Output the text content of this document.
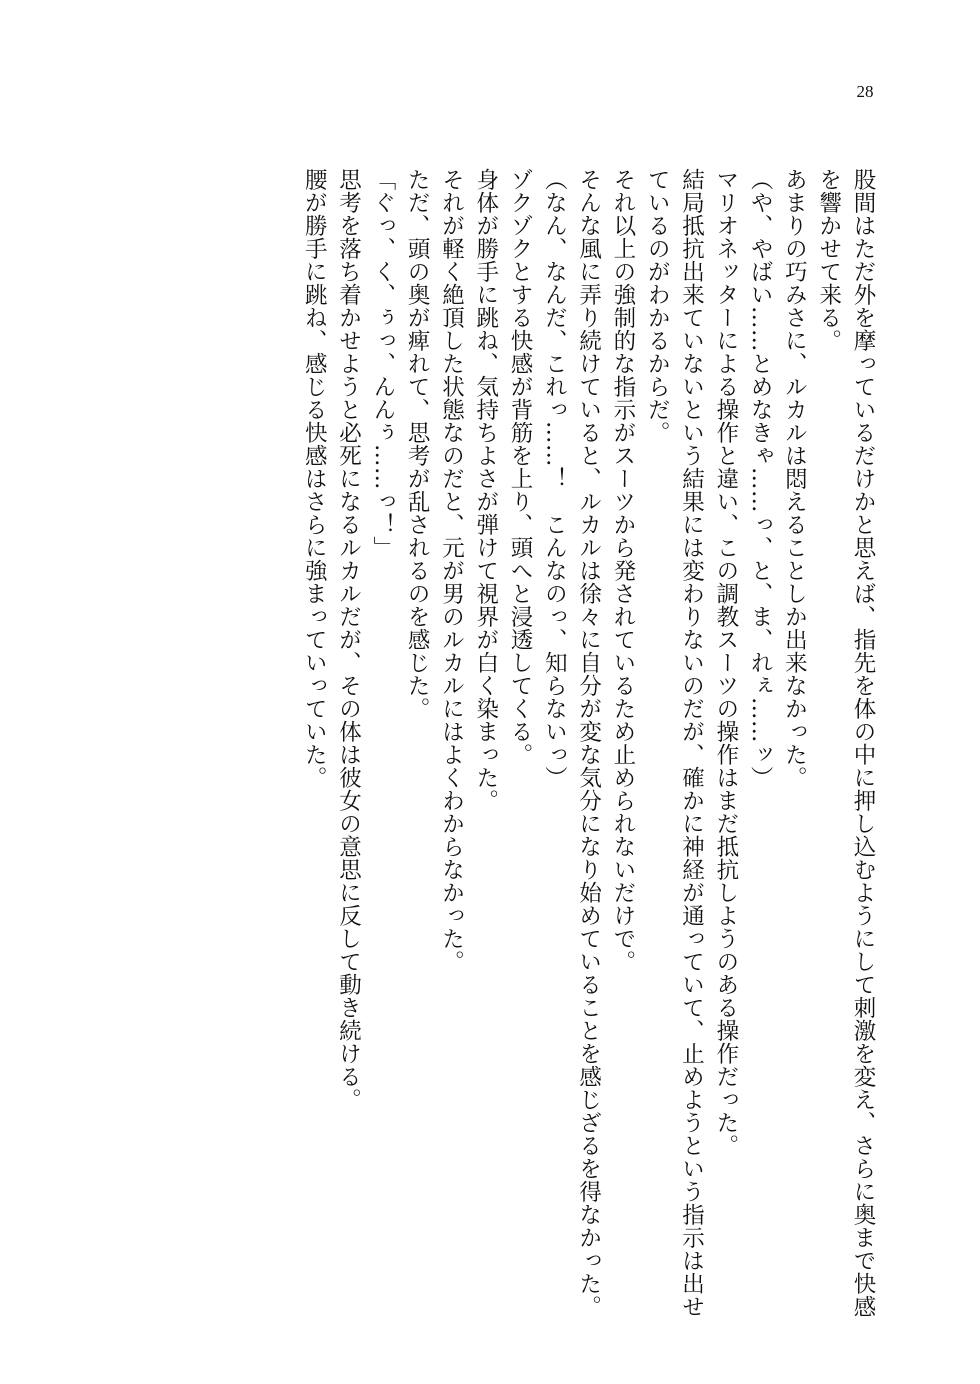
28

股間はただ外を摩っているだけかと思えば、指先を体の中に押し込むようにして刺激を変え、さらに奥まで快感を響かせて来る。

あまりの巧みさに、ルカルは悶えることしか出来なかった。

（や、やばい……とめなきゃ……っ、と、ま、れぇ……ッ）

マリオネッターによる操作と違い、この調教スーツの操作はまだ抵抗しようのある操作だった。

結局抵抗出来ていないという結果には変わりないのだが、確かに神経が通っていて、止めようという指示は出せているのがわかるからだ。

それ以上の強制的な指示がスーツから発されているため止められないだけで。

そんな風に弄り続けていると、ルカルは徐々に自分が変な気分になり始めていることを感じざるを得なかった。

（なん、なんだ、これっ……！　こんなのっ、知らないっ）

ゾクゾクとする快感が背筋を上り、頭へと浸透してくる。

身体が勝手に跳ね、気持ちよさが弾けて視界が白く染まった。

それが軽く絶頂した状態なのだと、元が男のルカルにはよくわからなかった。

ただ、頭の奥が痺れて、思考が乱されるのを感じた。

「ぐっ、く、ぅっ、んんぅ……っ！」

思考を落ち着かせようと必死になるルカルだが、その体は彼女の意思に反して動き続ける。

腰が勝手に跳ね、感じる快感はさらに強まっていっていた。
